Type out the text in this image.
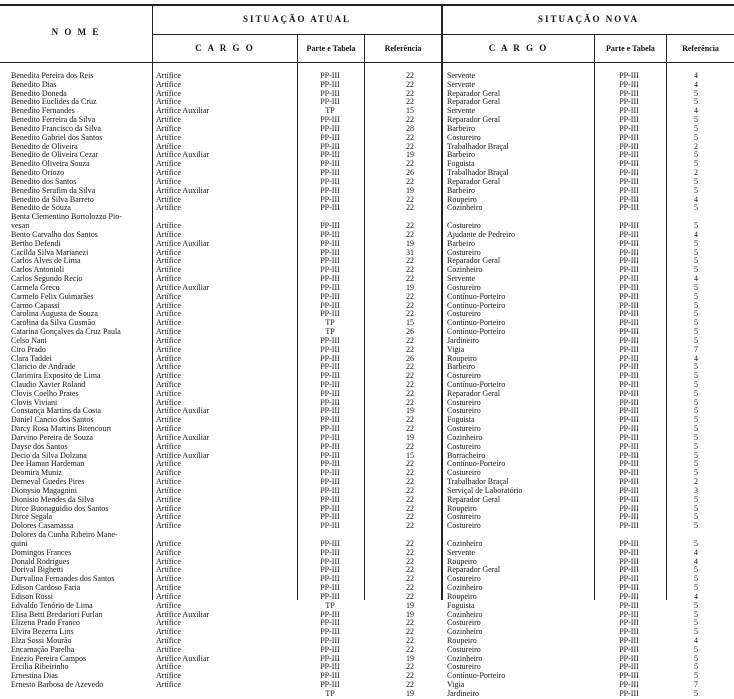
N O M E
SITUAÇÃO ATUAL	SITUAÇÃO NOVA
C A R G O	Parte e Tabela	Referência	C A R G O	Parte e Tabela	Referência
Benedita Pereira dos Reis	Artífice	PP-III	22	Servente	PP-III	4
Benedito Dias	Artífice	PP-III	22	Servente	PP-III	4
Benedito Doneda	Artífice	PP-III	22	Reparador Geral	PP-III	5
Benedito Euclides da Cruz	Artífice	PP-III	22	Reparador Geral	PP-III	5
Benedito Fernandes	Artífice Auxiliar	TP	15	Servente	PP-III	4
Benedito Ferreira da Silva	Artífice	PP-III	22	Reparador Geral	PP-III	5
Benedito Francisco da Silva	Artífice	PP-III	28	Barbeiro	PP-III	5
Benedito Gabriel dos Santos	Artífice	PP-III	22	Costureiro	PP-III	5
Benedito de Oliveira	Artífice	PP-III	22	Trabalhador Braçal	PP-III	2
Benedito de Oliveira Cezar	Artífice Auxiliar	PP-III	19	Barbeiro	PP-III	5
Benedito Oliveira Souza	Artífice	PP-III	22	Foguista	PP-III	5
Benedito Oriozo	Artífice	PP-III	26	Trabalhador Braçal	PP-III	2
Benedito dos Santos	Artífice	PP-III	22	Reparador Geral	PP-III	5
Benedito Serafim da Silva	Artífice Auxiliar	PP-III	19	Barbeiro	PP-III	5
Benedito da Silva Barreto	Artífice	PP-III	22	Roupeiro	PP-III	4
Benedito de Souza	Artífice	PP-III	22	Cozinheiro	PP-III	5
Benta Clementino Bortolozzo Pio-
vesan	Artífice	PP-III	22	Costureiro	PP-III	5
Bento Carvalho dos Santos	Artífice	PP-III	22	Ajudante de Pedreiro	PP-III	4
Bertho Defendi	Artífice Auxiliar	PP-III	19	Barbeiro	PP-III	5
Cacilda Silva Marianezi	Artífice	PP-III	31	Costureiro	PP-III	5
Carlos Alves de Lima	Artífice	PP-III	22	Reparador Geral	PP-III	5
Carlos Antonioli	Artífice	PP-III	22	Cozinheiro	PP-III	5
Carlos Segundo Recio	Artífice	PP-III	22	Servente	PP-III	4
Carmela Greco	Artífice Auxiliar	PP-III	19	Costureiro	PP-III	5
Carmelo Felix Guimarães	Artífice	PP-III	22	Contínuo-Porteiro	PP-III	5
Carmo Capassi	Artífice	PP-III	22	Contínuo-Porteiro	PP-III	5
Carolina Augusta de Souza	Artífice	PP-III	22	Costureiro	PP-III	5
Carolina da Silva Gusmão	Artífice	TP	15	Contínuo-Porteiro	PP-III	5
Catarina Gonçalves da Cruz Paula	Artífice	TP	26	Contínuo-Porteiro	PP-III	5
Celso Nani	Artífice	PP-III	22	Jardineiro	PP-III	5
Ciro Prado	Artífice	PP-III	22	Vigia	PP-III	7
Clara Taddei	Artífice	PP-III	26	Roupeiro	PP-III	4
Claricio de Andrade	Artífice	PP-III	22	Barbeiro	PP-III	5
Clarimira Exposito de Lima	Artífice	PP-III	22	Costureiro	PP-III	5
Claudio Xavier Roland	Artífice	PP-III	22	Contínuo-Porteiro	PP-III	5
Clovis Coelho Prates	Artífice	PP-III	22	Reparador Geral	PP-III	5
Clovis Viviani	Artífice	PP-III	22	Costureiro	PP-III	5
Constança Martins da Costa	Artífice Auxiliar	PP-III	19	Costureiro	PP-III	5
Daniel Cancio dos Santos	Artífice	PP-III	22	Foguista	PP-III	5
Darcy Rosa Martins Bitencourt	Artífice	PP-III	22	Costureiro	PP-III	5
Darvino Pereira de Souza	Artífice Auxiliar	PP-III	19	Cozinheiro	PP-III	5
Dayse dos Santos	Artífice	PP-III	22	Costureiro	PP-III	5
Decio da Silva Dolzana	Artífice Auxiliar	PP-III	15	Borracheiro	PP-III	5
Dee Haman Hardeman	Artífice	PP-III	22	Contínuo-Porteiro	PP-III	5
Deomira Muniz	Artífice	PP-III	22	Costureiro	PP-III	5
Derneval Guedes Pires	Artífice	PP-III	22	Trabalhador Braçal	PP-III	2
Dionysio Magagnini	Artífice	PP-III	22	Serviçal de Laboratório	PP-III	3
Dionisio Mendes da Silva	Artífice	PP-III	22	Reparador Geral	PP-III	5
Dirce Buonaguidio dos Santos	Artífice	PP-III	22	Roupeiro	PP-III	5
Dirce Segala	Artífice	PP-III	22	Costureiro	PP-III	5
Dolores Casamassa	Artífice	PP-III	22	Costureiro	PP-III	5
Dolores da Cunha Ribeiro Mane-
quini	Artífice	PP-III	22	Cozinheiro	PP-III	5
Domingos Frances	Artífice	PP-III	22	Servente	PP-III	4
Donald Rodrigues	Artífice	PP-III	22	Roupeiro	PP-III	4
Dorival Bighetti	Artífice	PP-III	22	Reparador Geral	PP-III	5
Durvalina Fernandes dos Santos	Artífice	PP-III	22	Costureiro	PP-III	5
Edison Cardoso Faria	Artífice	PP-III	22	Cozinheiro	PP-III	5
Edison Rossi	Artífice	PP-III	22	Roupeiro	PP-III	4
Edvaldo Tenório de Lima	Artífice	TP	19	Foguista	PP-III	5
Elisa Betti Bredariori Furlan	Artífice Auxiliar	PP-III	19	Cozinheiro	PP-III	5
Elizena Prado Franco	Artífice	PP-III	22	Costureiro	PP-III	5
Elvira Bezerra Lins	Artífice	PP-III	22	Cozinheiro	PP-III	5
Elza Sossi Mourão	Artífice	PP-III	22	Roupeiro	PP-III	4
Encarnação Parelha	Artífice	PP-III	22	Costureiro	PP-III	5
Enezio Pereira Campos	Artífice Auxiliar	PP-III	19	Cozinheiro	PP-III	5
Ercilia Ribeirinho	Artífice	PP-III	22	Costureiro	PP-III	5
Ernestina Dias	Artífice	PP-III	22	Contínuo-Porteiro	PP-III	5
Ernesto Barbosa de Azevedo	Artífice	PP-III	22	Vigia	PP-III	7
TP	19	Jardineiro	PP-III	5
